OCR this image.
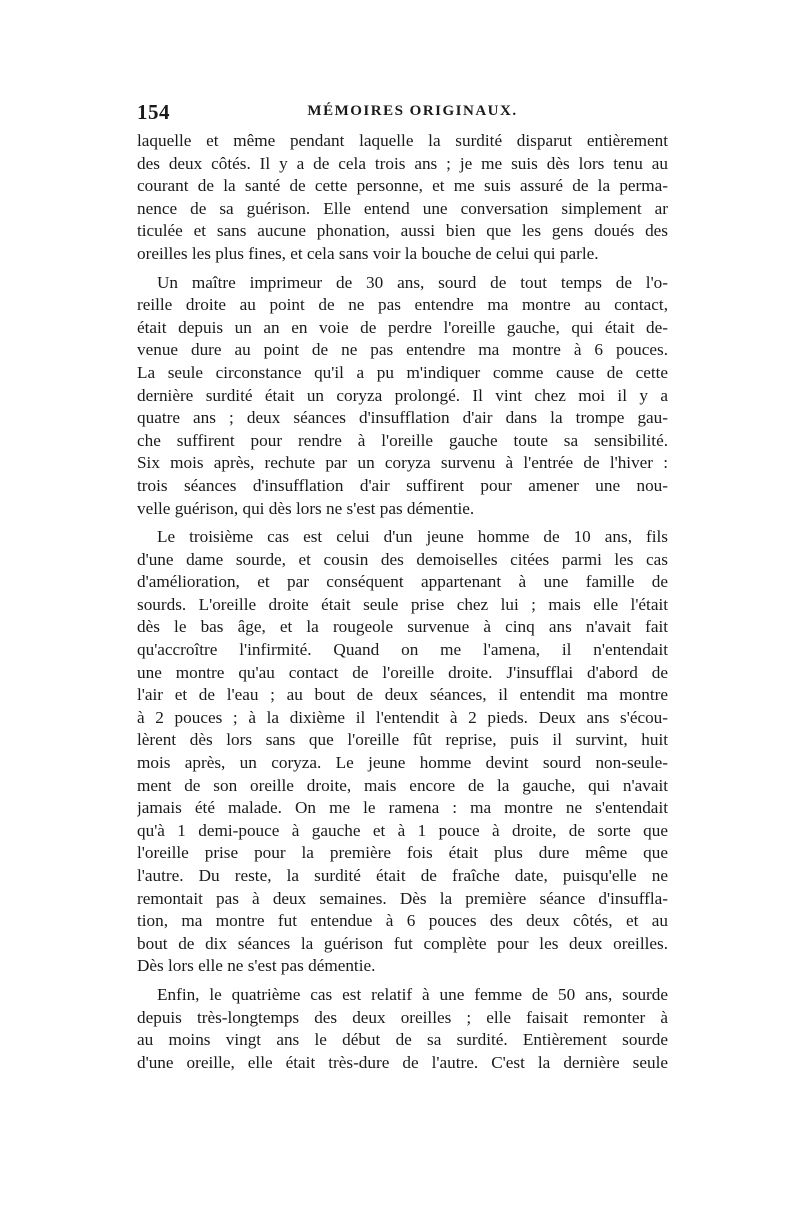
154	MÉMOIRES ORIGINAUX.
laquelle et même pendant laquelle la surdité disparut entièrement
des deux côtés. Il y a de cela trois ans ; je me suis dès lors tenu au
courant de la santé de cette personne, et me suis assuré de la perma-
nence de sa guérison. Elle entend une conversation simplement ar
ticulée et sans aucune phonation, aussi bien que les gens doués des
oreilles les plus fines, et cela sans voir la bouche de celui qui parle.
Un maître imprimeur de 30 ans, sourd de tout temps de l'o-
reille droite au point de ne pas entendre ma montre au contact,
était depuis un an en voie de perdre l'oreille gauche, qui était de-
venue dure au point de ne pas entendre ma montre à 6 pouces.
La seule circonstance qu'il a pu m'indiquer comme cause de cette
dernière surdité était un coryza prolongé. Il vint chez moi il y a
quatre ans ; deux séances d'insufflation d'air dans la trompe gau-
che suffirent pour rendre à l'oreille gauche toute sa sensibilité.
Six mois après, rechute par un coryza survenu à l'entrée de l'hiver :
trois séances d'insufflation d'air suffirent pour amener une nou-
velle guérison, qui dès lors ne s'est pas démentie.
Le troisième cas est celui d'un jeune homme de 10 ans, fils
d'une dame sourde, et cousin des demoiselles citées parmi les cas
d'amélioration, et par conséquent appartenant à une famille de
sourds. L'oreille droite était seule prise chez lui ; mais elle l'était
dès le bas âge, et la rougeole survenue à cinq ans n'avait fait
qu'accroître l'infirmité. Quand on me l'amena, il n'entendait
une montre qu'au contact de l'oreille droite. J'insufflai d'abord de
l'air et de l'eau ; au bout de deux séances, il entendit ma montre
à 2 pouces ; à la dixième il l'entendit à 2 pieds. Deux ans s'écou-
lèrent dès lors sans que l'oreille fût reprise, puis il survint, huit
mois après, un coryza. Le jeune homme devint sourd non-seule-
ment de son oreille droite, mais encore de la gauche, qui n'avait
jamais été malade. On me le ramena : ma montre ne s'entendait
qu'à 1 demi-pouce à gauche et à 1 pouce à droite, de sorte que
l'oreille prise pour la première fois était plus dure même que
l'autre. Du reste, la surdité était de fraîche date, puisqu'elle ne
remontait pas à deux semaines. Dès la première séance d'insuffla-
tion, ma montre fut entendue à 6 pouces des deux côtés, et au
bout de dix séances la guérison fut complète pour les deux oreilles.
Dès lors elle ne s'est pas démentie.
Enfin, le quatrième cas est relatif à une femme de 50 ans, sourde
depuis très-longtemps des deux oreilles ; elle faisait remonter à
au moins vingt ans le début de sa surdité. Entièrement sourde
d'une oreille, elle était très-dure de l'autre. C'est la dernière seule
